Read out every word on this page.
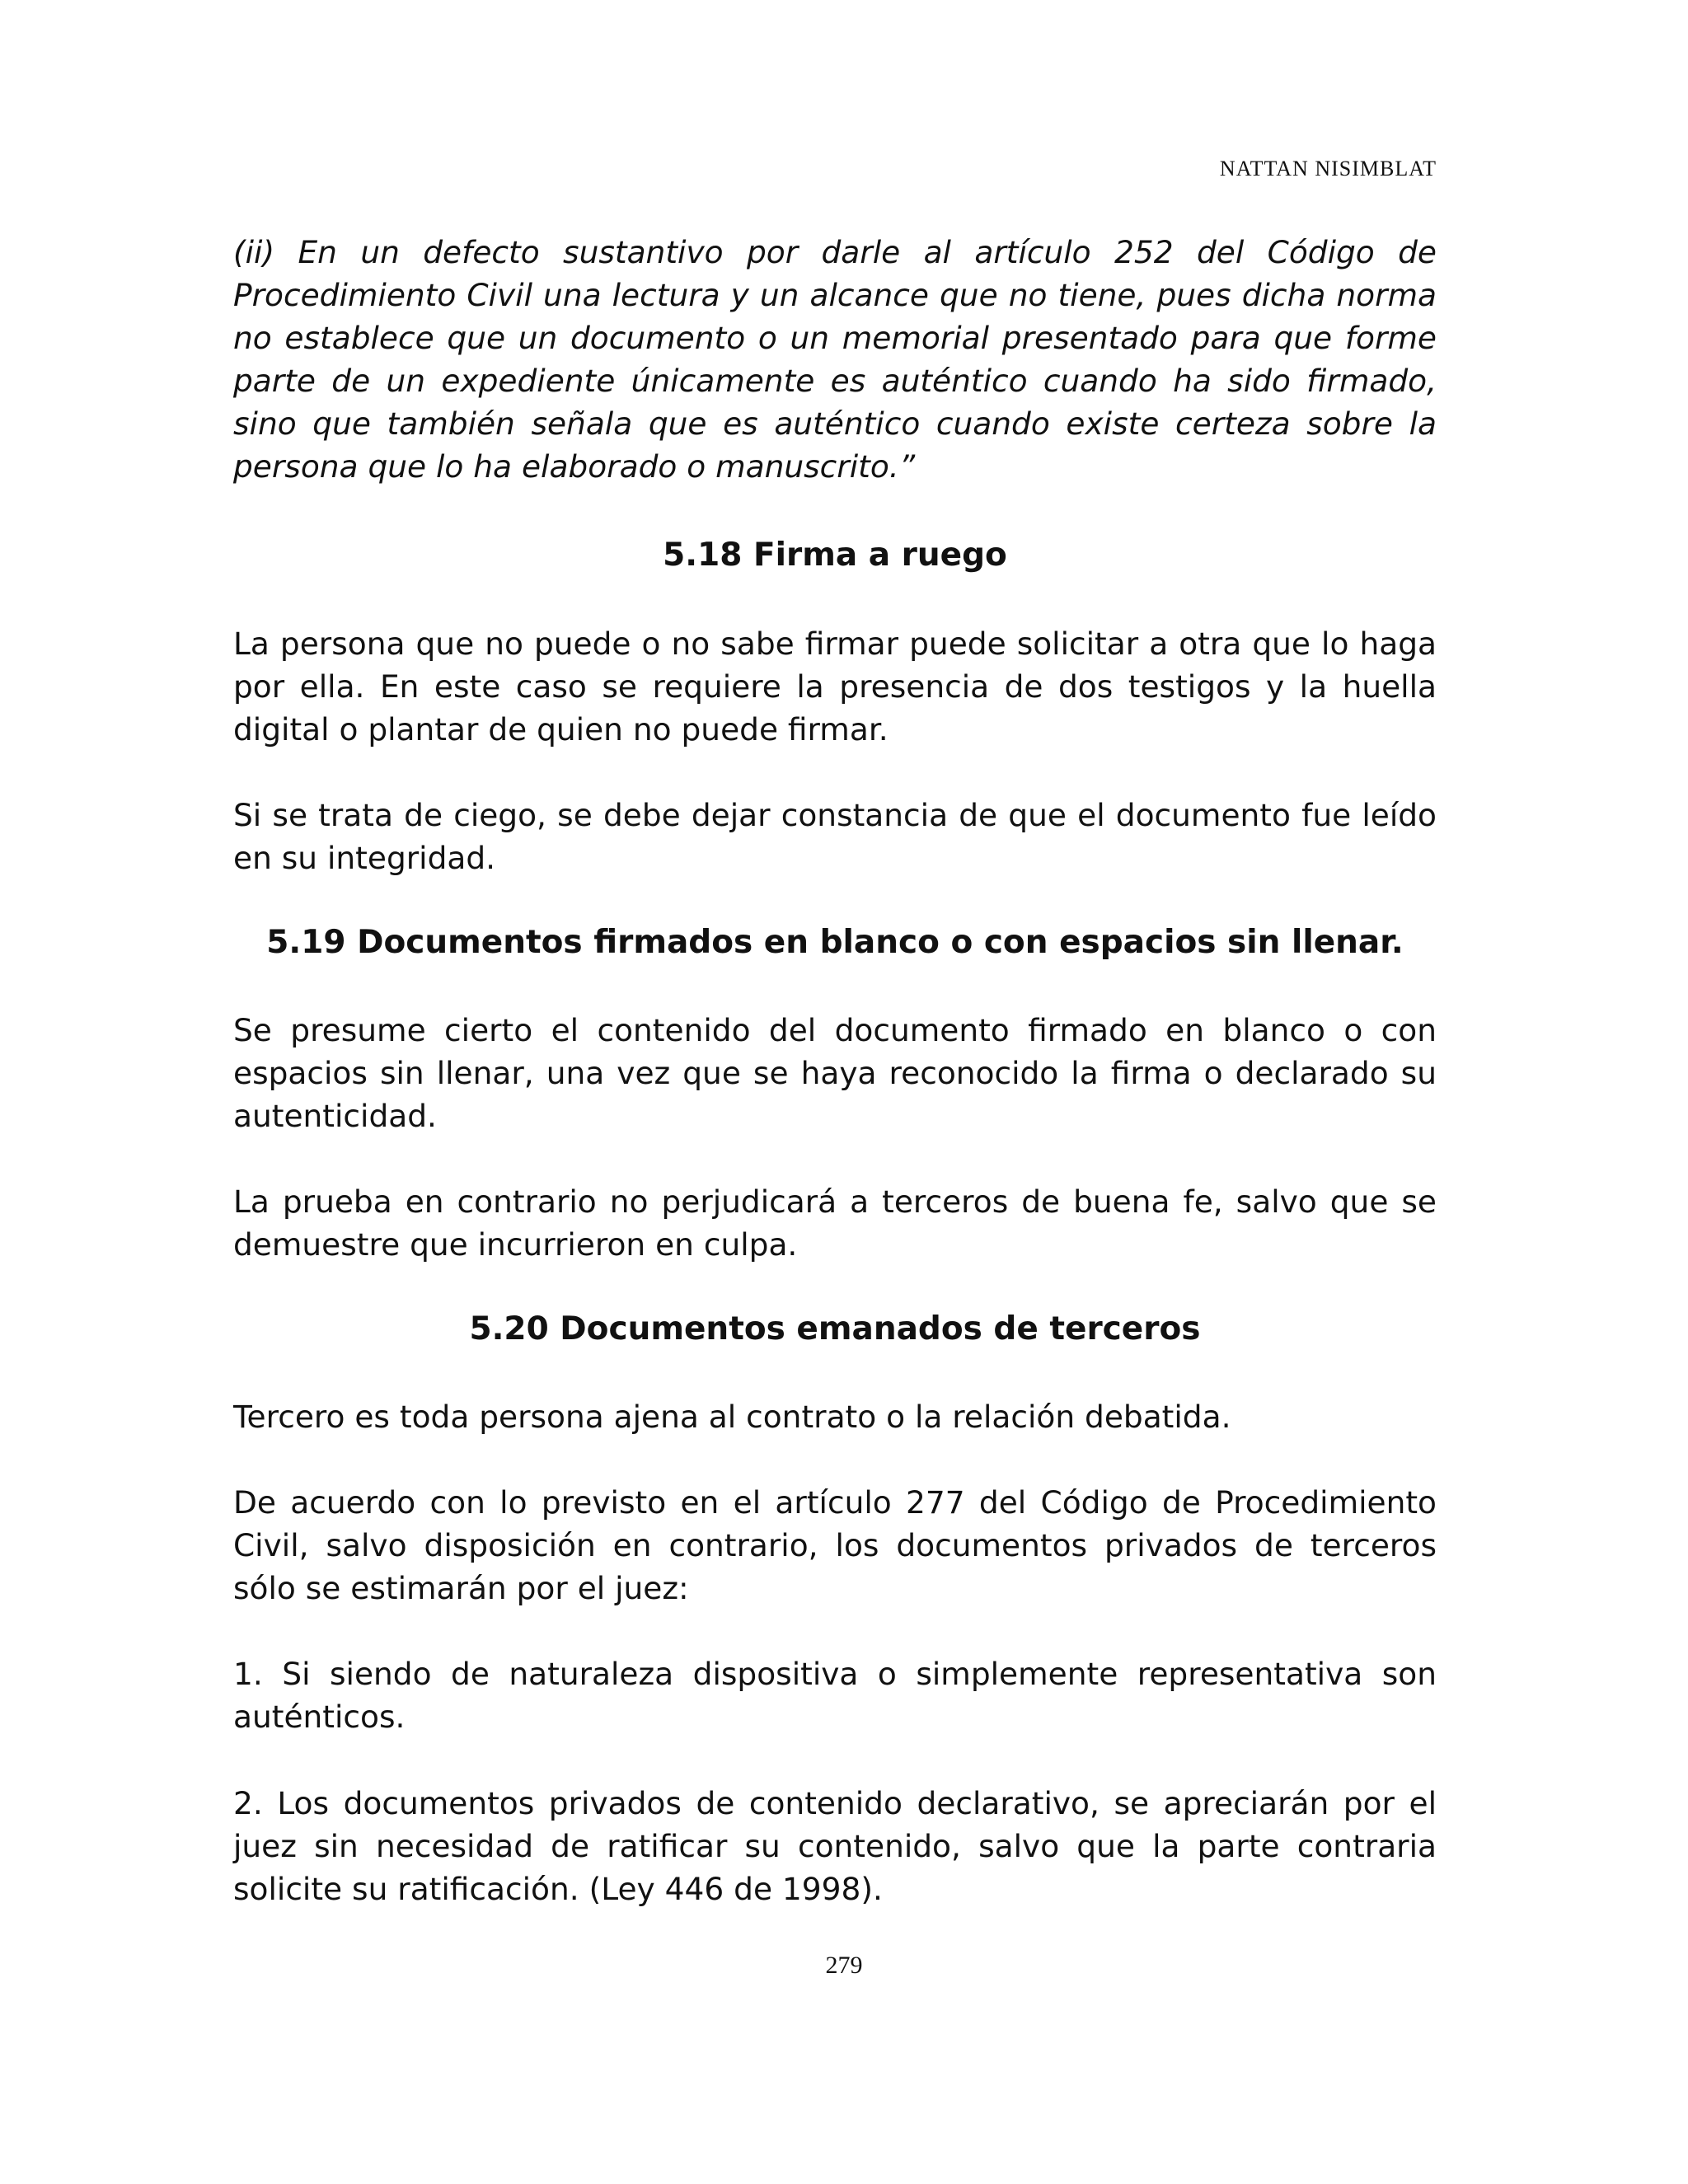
NATTAN NISIMBLAT
(ii) En un defecto sustantivo por darle al artículo 252 del Código de Procedimiento Civil una lectura y un alcance que no tiene, pues dicha norma no establece que un documento o un memorial presentado para que forme parte de un expediente únicamente es auténtico cuando ha sido firmado, sino que también señala que es auténtico cuando existe certeza sobre la persona que lo ha elaborado o manuscrito.”
5.18 Firma a ruego

La persona que no puede o no sabe firmar puede solicitar a otra que lo haga por ella. En este caso se requiere la presencia de dos testigos y la huella digital o plantar de quien no puede firmar.

Si se trata de ciego, se debe dejar constancia de que el documento fue leído en su integridad.

5.19 Documentos firmados en blanco o con espacios sin llenar.

Se presume cierto el contenido del documento firmado en blanco o con espacios sin llenar, una vez que se haya reconocido la firma o declarado su autenticidad.

La prueba en contrario no perjudicará a terceros de buena fe, salvo que se demuestre que incurrieron en culpa.

5.20 Documentos emanados de terceros

Tercero es toda persona ajena al contrato o la relación debatida.

De acuerdo con lo previsto en el artículo 277 del Código de Procedimiento Civil, salvo disposición en contrario, los documentos privados de terceros sólo se estimarán por el juez:

1. Si siendo de naturaleza dispositiva o simplemente representativa son auténticos.

2. Los documentos privados de contenido declarativo, se apreciarán por el juez sin necesidad de ratificar su contenido, salvo que la parte contraria solicite su ratificación. (Ley 446 de 1998).

279
